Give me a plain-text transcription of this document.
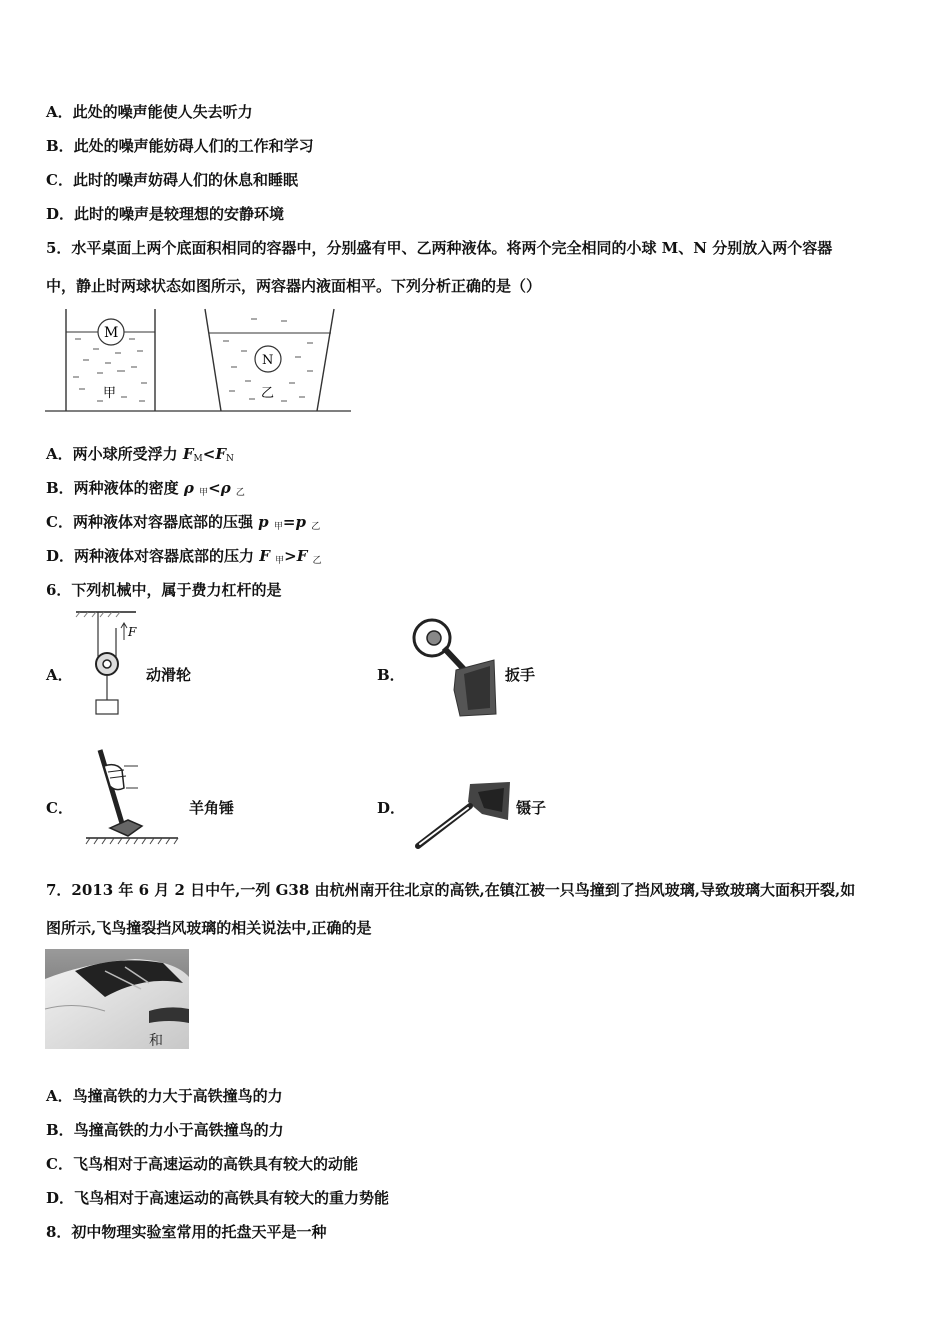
A．此处的噪声能使人失去听力
B．此处的噪声能妨碍人们的工作和学习
C．此时的噪声妨碍人们的休息和睡眠
D．此时的噪声是较理想的安静环境
5．水平桌面上两个底面积相同的容器中，分别盛有甲、乙两种液体。将两个完全相同的小球 M、N 分别放入两个容器
中，静止时两球状态如图所示，两容器内液面相平。下列分析正确的是（）
M
甲
N
乙
A．两小球所受浮力 $F_M<F_N$
B．两种液体的密度 ρ $_甲$<ρ $_乙$
C．两种液体对容器底部的压强 p $_甲$=p $_乙$
D．两种液体对容器底部的压力 F $_甲$>F $_乙$
6．下列机械中，属于费力杠杆的是
A．
F
动滑轮	B．	扳手
C．	羊角锤	D．	镊子
7．2013 年 6 月 2 日中午,一列 G38 由杭州南开往北京的高铁,在镇江被一只鸟撞到了挡风玻璃,导致玻璃大面积开裂,如
图所示,飞鸟撞裂挡风玻璃的相关说法中,正确的是
和
A．鸟撞高铁的力大于高铁撞鸟的力
B．鸟撞高铁的力小于高铁撞鸟的力
C．飞鸟相对于高速运动的高铁具有较大的动能
D．飞鸟相对于高速运动的高铁具有较大的重力势能
8．初中物理实验室常用的托盘天平是一种
